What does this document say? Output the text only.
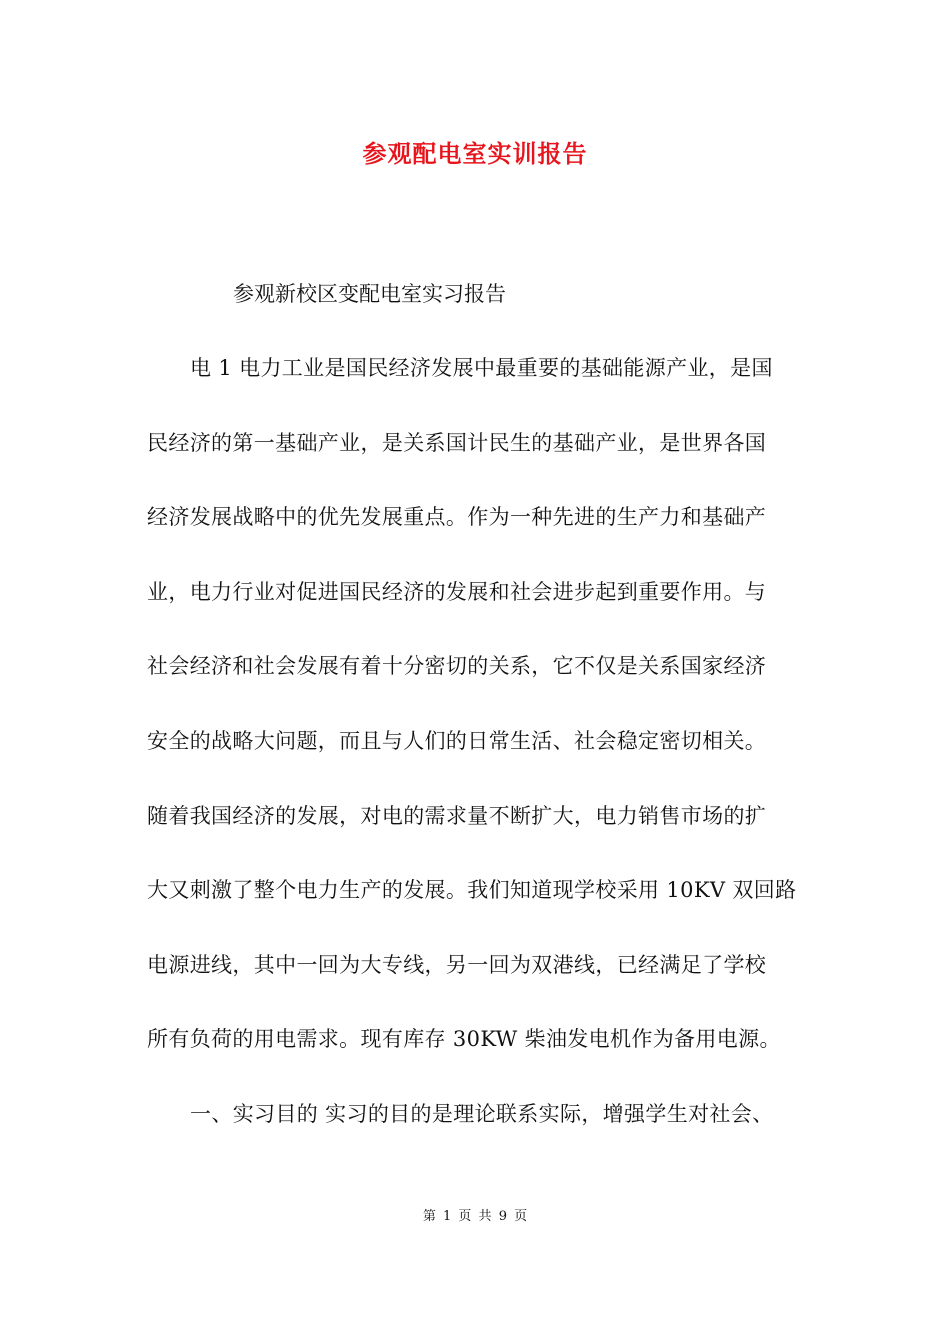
参观配电室实训报告

参观新校区变配电室实习报告

电 1 电力工业是国民经济发展中最重要的基础能源产业，是国
民经济的第一基础产业，是关系国计民生的基础产业，是世界各国
经济发展战略中的优先发展重点。作为一种先进的生产力和基础产
业，电力行业对促进国民经济的发展和社会进步起到重要作用。与
社会经济和社会发展有着十分密切的关系，它不仅是关系国家经济
安全的战略大问题，而且与人们的日常生活、社会稳定密切相关。
随着我国经济的发展，对电的需求量不断扩大，电力销售市场的扩
大又刺激了整个电力生产的发展。我们知道现学校采用 10KV 双回路
电源进线，其中一回为大专线，另一回为双港线，已经满足了学校
所有负荷的用电需求。现有库存 30KW 柴油发电机作为备用电源。
一、实习目的 实习的目的是理论联系实际，增强学生对社会、
第 1 页 共 9 页
